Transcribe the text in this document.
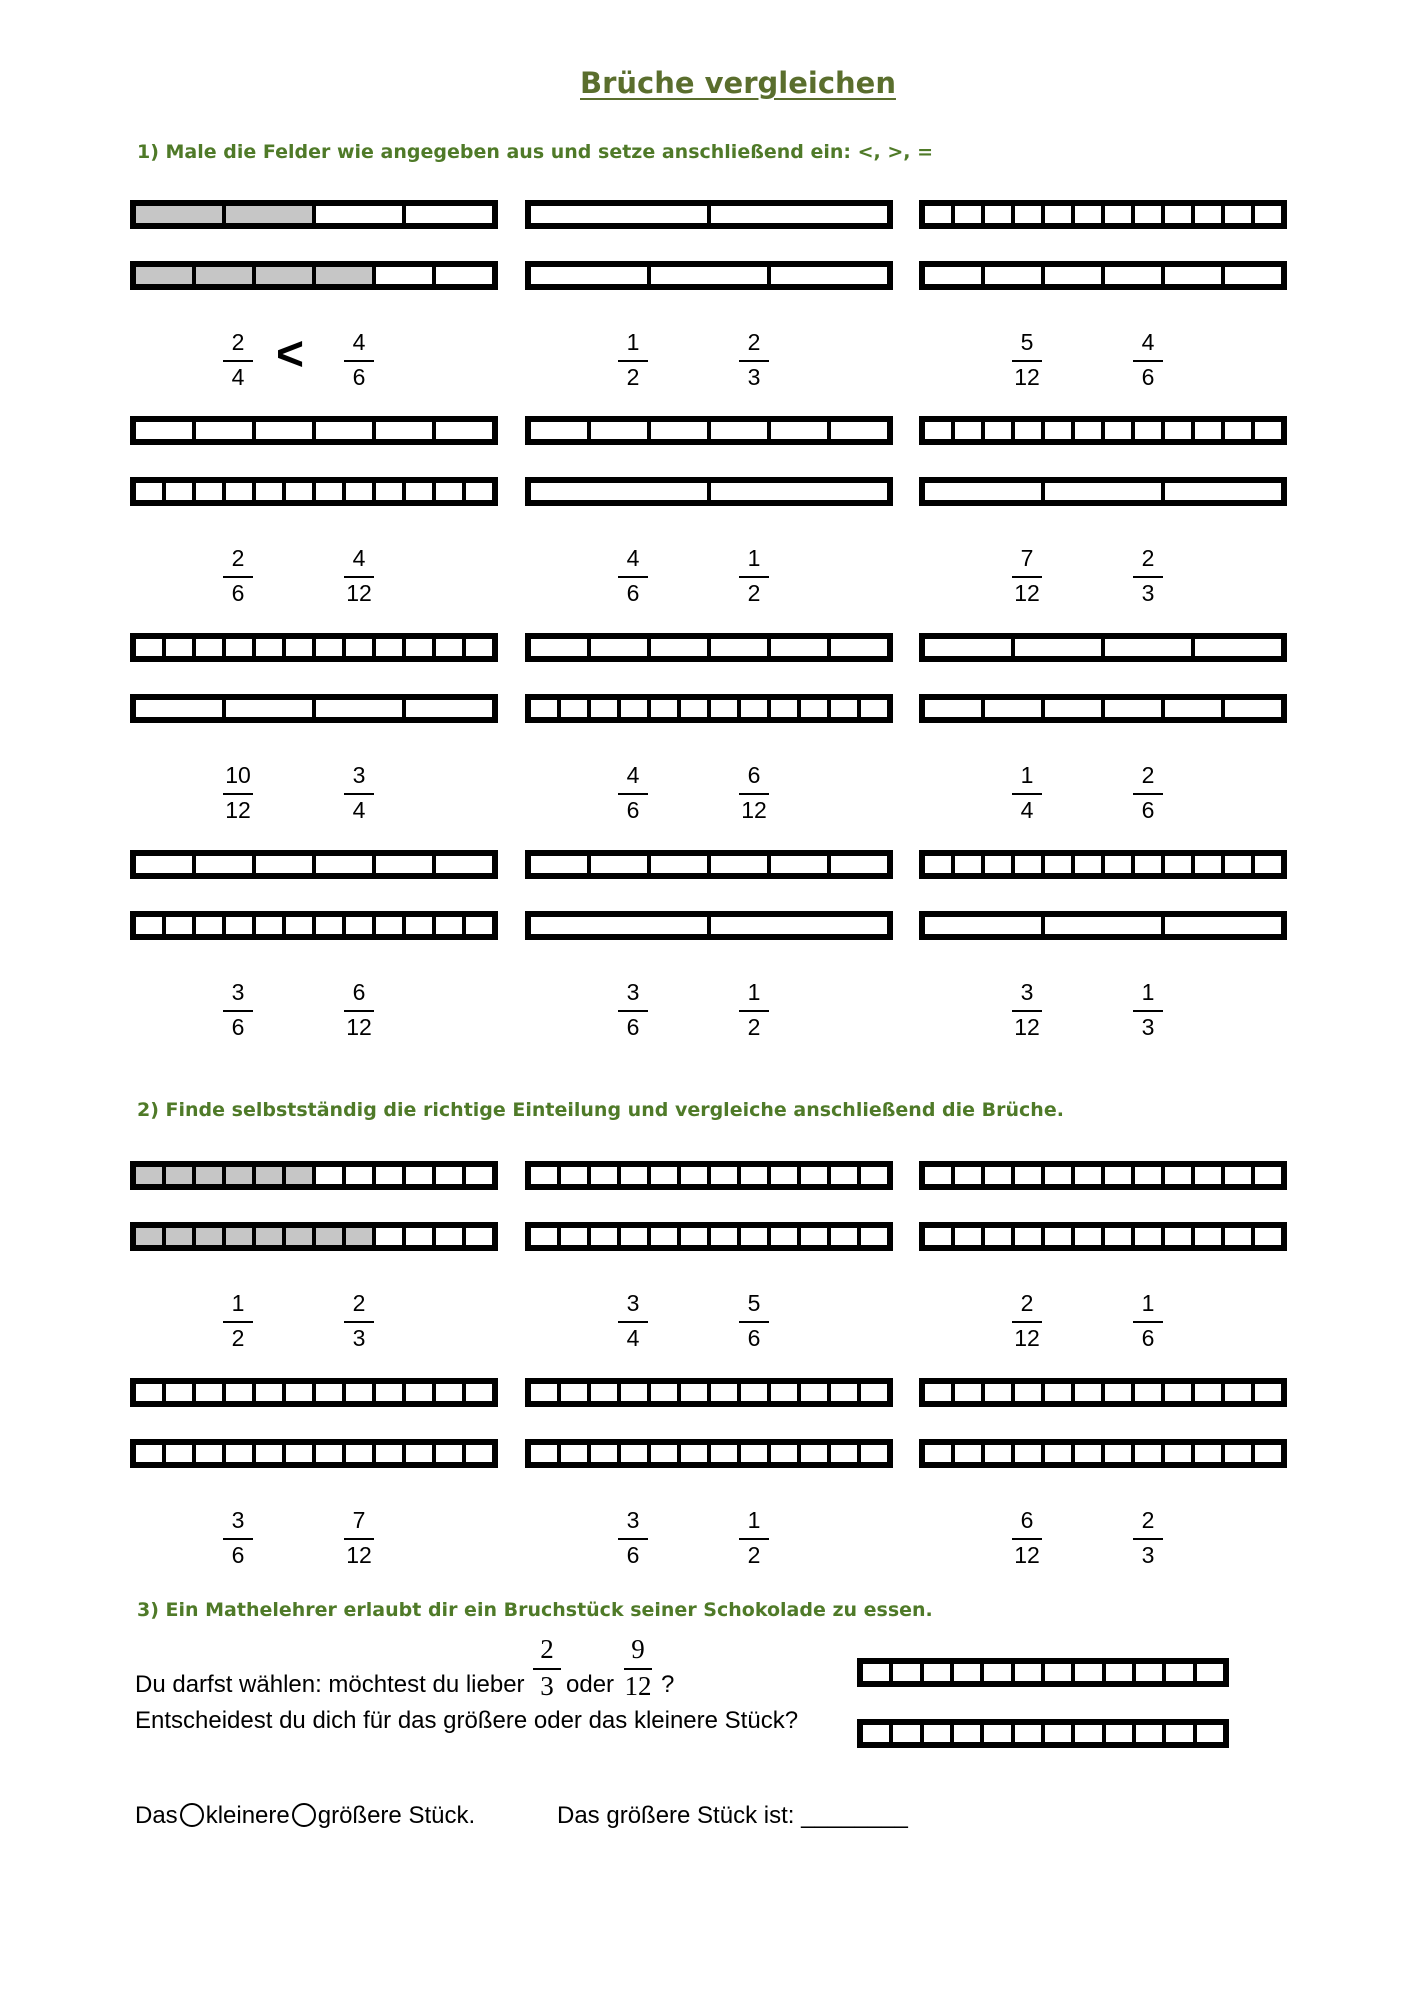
Brüche vergleichen
1) Male die Felder wie angegeben aus und setze anschließend ein: <, >, =
2
4
4
6
<	1
2
2
3
5
12
4
6
2
6
4
12
4
6
1
2
7
12
2
3
10
12
3
4
4
6
6
12
1
4
2
6
3
6
6
12
3
6
1
2
3
12
1
3
2) Finde selbstständig die richtige Einteilung und vergleiche anschließend die Brüche.
1
2
2
3
3
4
5
6
2
12
1
6
3
6
7
12
3
6
1
2
6
12
2
3
3) Ein Mathelehrer erlaubt dir ein Bruchstück seiner Schokolade zu essen.
Du darfst wählen: möchtest du lieber
2
3 oder
9
12 ?
Entscheidest du dich für das größere oder das kleinere Stück?
Das kleinere größere Stück.	Das größere Stück ist: ________
